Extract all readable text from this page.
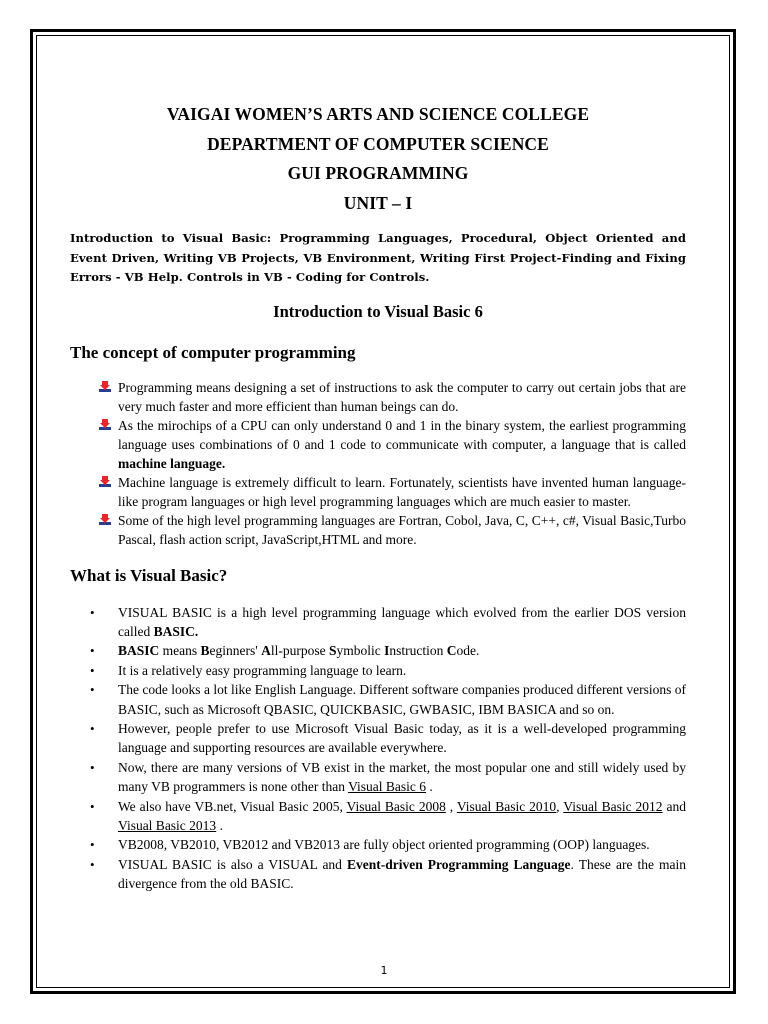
VAIGAI WOMEN’S ARTS AND SCIENCE COLLEGE
DEPARTMENT OF COMPUTER SCIENCE
GUI PROGRAMMING
UNIT – I
Introduction to Visual Basic: Programming Languages, Procedural, Object Oriented and Event Driven, Writing VB Projects, VB Environment, Writing First Project-Finding and Fixing Errors - VB Help. Controls in VB - Coding for Controls.
Introduction to Visual Basic 6
The concept of computer programming
Programming means designing a set of instructions to ask the computer to carry out certain jobs that are very much faster and more efficient than human beings can do.
As the mirochips of a CPU can only understand 0 and 1 in the binary system, the earliest programming language uses combinations of 0 and 1 code to communicate with computer, a language that is called machine language.
Machine language is extremely difficult to learn. Fortunately, scientists have invented human language-like program languages or high level programming languages which are much easier to master.
Some of the high level programming languages are Fortran, Cobol, Java, C, C++, c#, Visual Basic,Turbo Pascal, flash action script, JavaScript,HTML and more.
What is Visual Basic?
• VISUAL BASIC is a high level programming language which evolved from the earlier DOS version called BASIC.
• BASIC means Beginners' All-purpose Symbolic Instruction Code.
• It is a relatively easy programming language to learn.
• The code looks a lot like English Language. Different software companies produced different versions of BASIC, such as Microsoft QBASIC, QUICKBASIC, GWBASIC, IBM BASICA and so on.
• However, people prefer to use Microsoft Visual Basic today, as it is a well-developed programming language and supporting resources are available everywhere.
• Now, there are many versions of VB exist in the market, the most popular one and still widely used by many VB programmers is none other than Visual Basic 6 .
• We also have VB.net, Visual Basic 2005, Visual Basic 2008 , Visual Basic 2010, Visual Basic 2012 and Visual Basic 2013 .
• VB2008, VB2010, VB2012 and VB2013 are fully object oriented programming (OOP) languages.
• VISUAL BASIC is also a VISUAL and Event-driven Programming Language. These are the main divergence from the old BASIC.
1
